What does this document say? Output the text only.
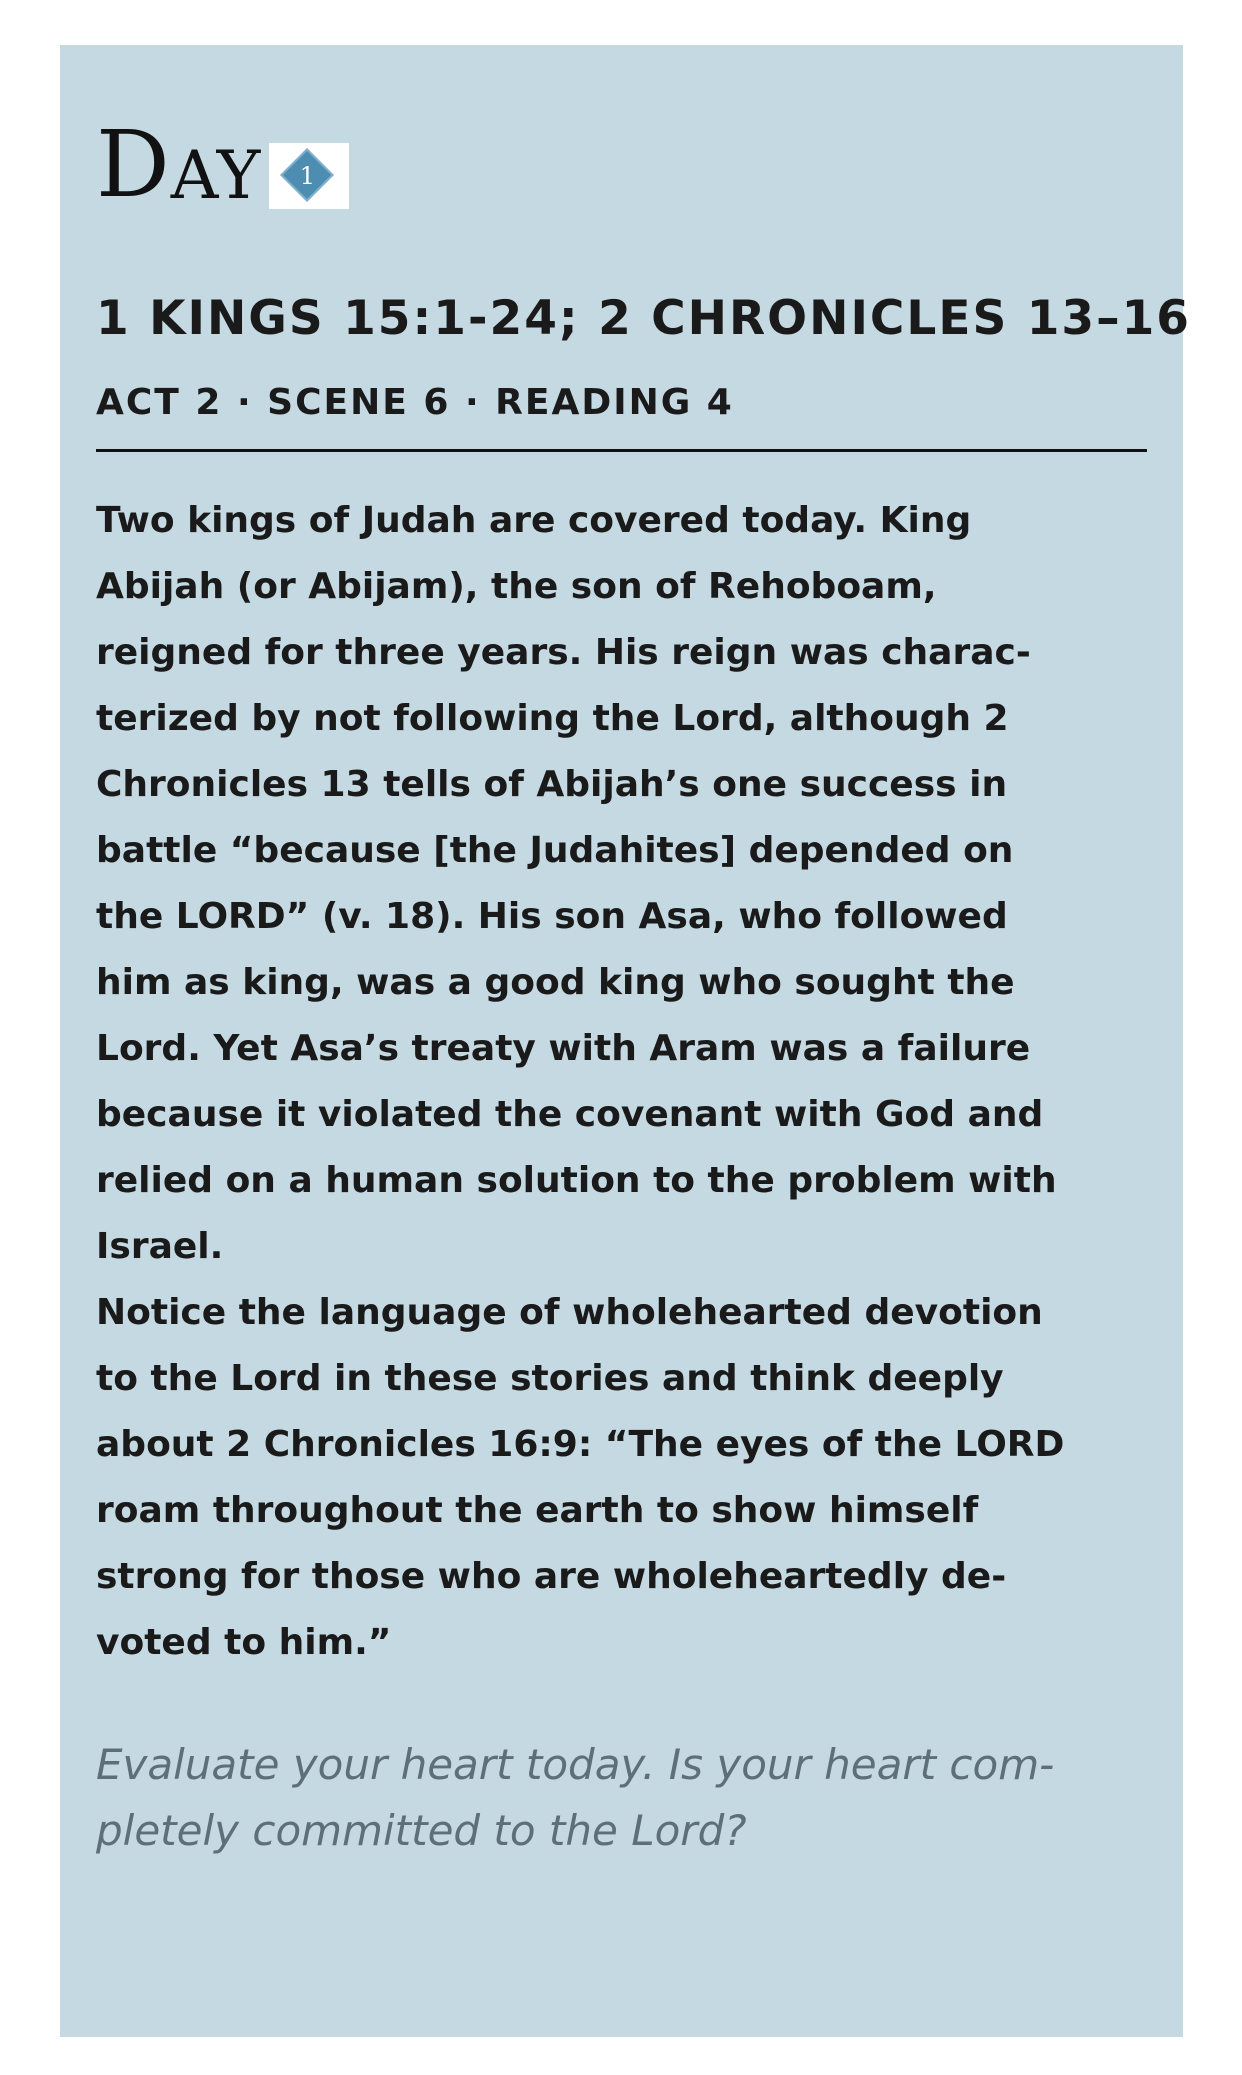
D AY	1
1 KINGS 15:1-24; 2 CHRONICLES 13–16
ACT 2 · SCENE 6 · READING 4

Two kings of Judah are covered today. King
Abijah (or Abijam), the son of Rehoboam,
reigned for three years. His reign was charac-
terized by not following the Lord, although 2
Chronicles 13 tells of Abijah’s one success in
battle “because [the Judahites] depended on
the LORD” (v. 18). His son Asa, who followed
him as king, was a good king who sought the
Lord. Yet Asa’s treaty with Aram was a failure
because it violated the covenant with God and
relied on a human solution to the problem with
Israel.

Notice the language of wholehearted devotion
to the Lord in these stories and think deeply
about 2 Chronicles 16:9: “The eyes of the LORD
roam throughout the earth to show himself
strong for those who are wholeheartedly de-
voted to him.”

Evaluate your heart today. Is your heart com-
pletely committed to the Lord?
